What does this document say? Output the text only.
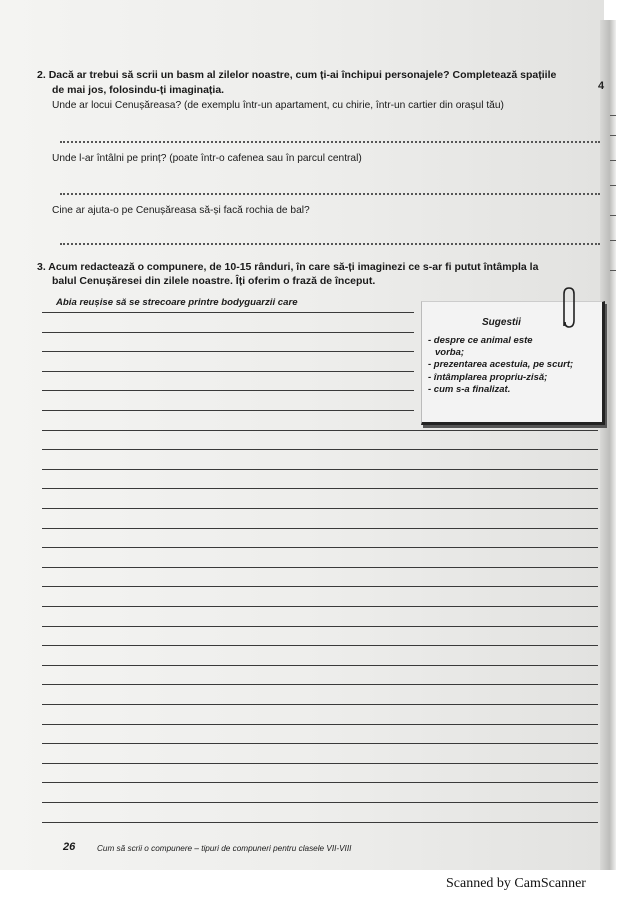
4
2. Dacă ar trebui să scrii un basm al zilelor noastre, cum ți-ai închipui personajele? Completează spațiile
de mai jos, folosindu-ți imaginația.
Unde ar locui Cenușăreasa? (de exemplu într-un apartament, cu chirie, într-un cartier din orașul tău)
Unde l-ar întâlni pe prinț? (poate într-o cafenea sau în parcul central)
Cine ar ajuta-o pe Cenușăreasa să-și facă rochia de bal?
3. Acum redactează o compunere, de 10-15 rânduri, în care să-ți imaginezi ce s-ar fi putut întâmpla la
balul Cenușăresei din zilele noastre. Îți oferim o frază de început.
Abia reușise să se strecoare printre bodyguarzii care
Sugestii
- despre ce animal este
vorba;
- prezentarea acestuia, pe scurt;
- întâmplarea propriu-zisă;
- cum s-a finalizat.
26	Cum să scrii o compunere – tipuri de compuneri pentru clasele VII-VIII
Scanned by CamScanner
